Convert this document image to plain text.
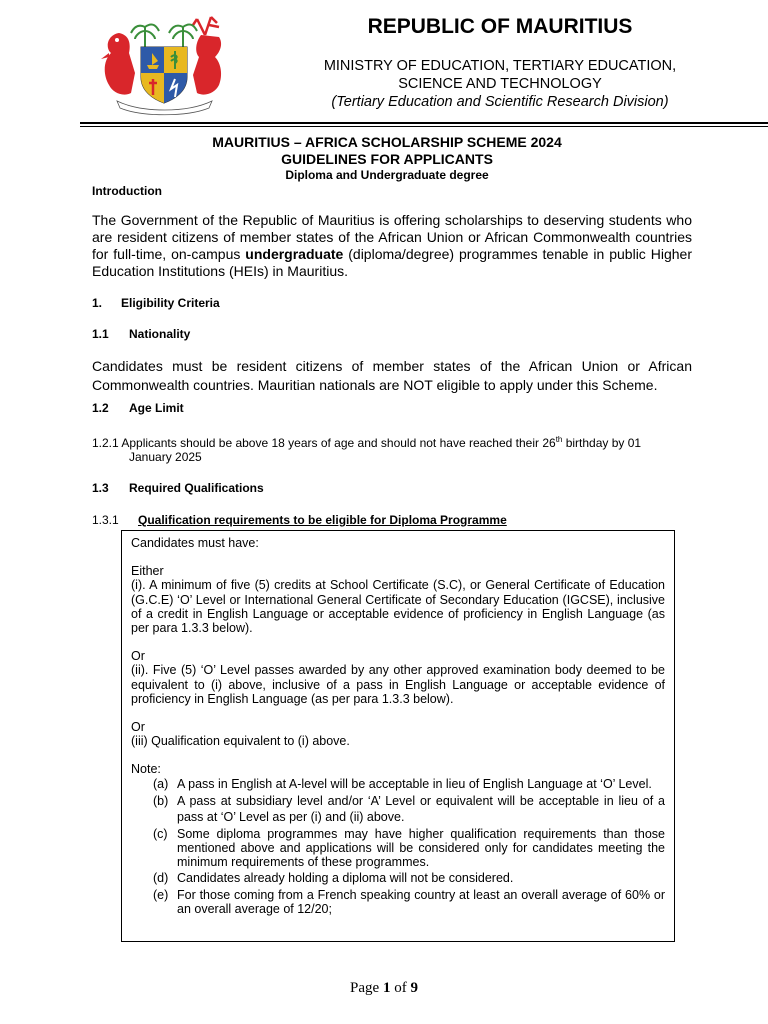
REPUBLIC OF MAURITIUS
MINISTRY OF EDUCATION, TERTIARY EDUCATION,
SCIENCE AND TECHNOLOGY
(Tertiary Education and Scientific Research Division)
MAURITIUS – AFRICA SCHOLARSHIP SCHEME 2024
GUIDELINES FOR APPLICANTS
Diploma and Undergraduate degree
Introduction
The Government of the Republic of Mauritius is offering scholarships to deserving students who are resident citizens of member states of the African Union or African Commonwealth countries for full-time, on-campus undergraduate (diploma/degree) programmes tenable in public Higher Education Institutions (HEIs) in Mauritius.
1. Eligibility Criteria
1.1 Nationality
Candidates must be resident citizens of member states of the African Union or African Commonwealth countries. Mauritian nationals are NOT eligible to apply under this Scheme.
1.2 Age Limit
1.2.1 Applicants should be above 18 years of age and should not have reached their 26th birthday by 01
January 2025
1.3 Required Qualifications
1.3.1 Qualification requirements to be eligible for Diploma Programme
Candidates must have:
Either
(i). A minimum of five (5) credits at School Certificate (S.C), or General Certificate of Education (G.C.E) ‘O’ Level or International General Certificate of Secondary Education (IGCSE), inclusive of a credit in English Language or acceptable evidence of proficiency in English Language (as per para 1.3.3 below).
Or
(ii). Five (5) ‘O’ Level passes awarded by any other approved examination body deemed to be equivalent to (i) above, inclusive of a pass in English Language or acceptable evidence of proficiency in English Language (as per para 1.3.3 below).
Or
(iii) Qualification equivalent to (i) above.
Note:
(a) A pass in English at A-level will be acceptable in lieu of English Language at ‘O’ Level.
(b) A pass at subsidiary level and/or ‘A’ Level or equivalent will be acceptable in lieu of a pass at ‘O’ Level as per (i) and (ii) above.
(c) Some diploma programmes may have higher qualification requirements than those mentioned above and applications will be considered only for candidates meeting the minimum requirements of these programmes.
(d) Candidates already holding a diploma will not be considered.
(e) For those coming from a French speaking country at least an overall average of 60% or an overall average of 12/20;
Page 1 of 9
